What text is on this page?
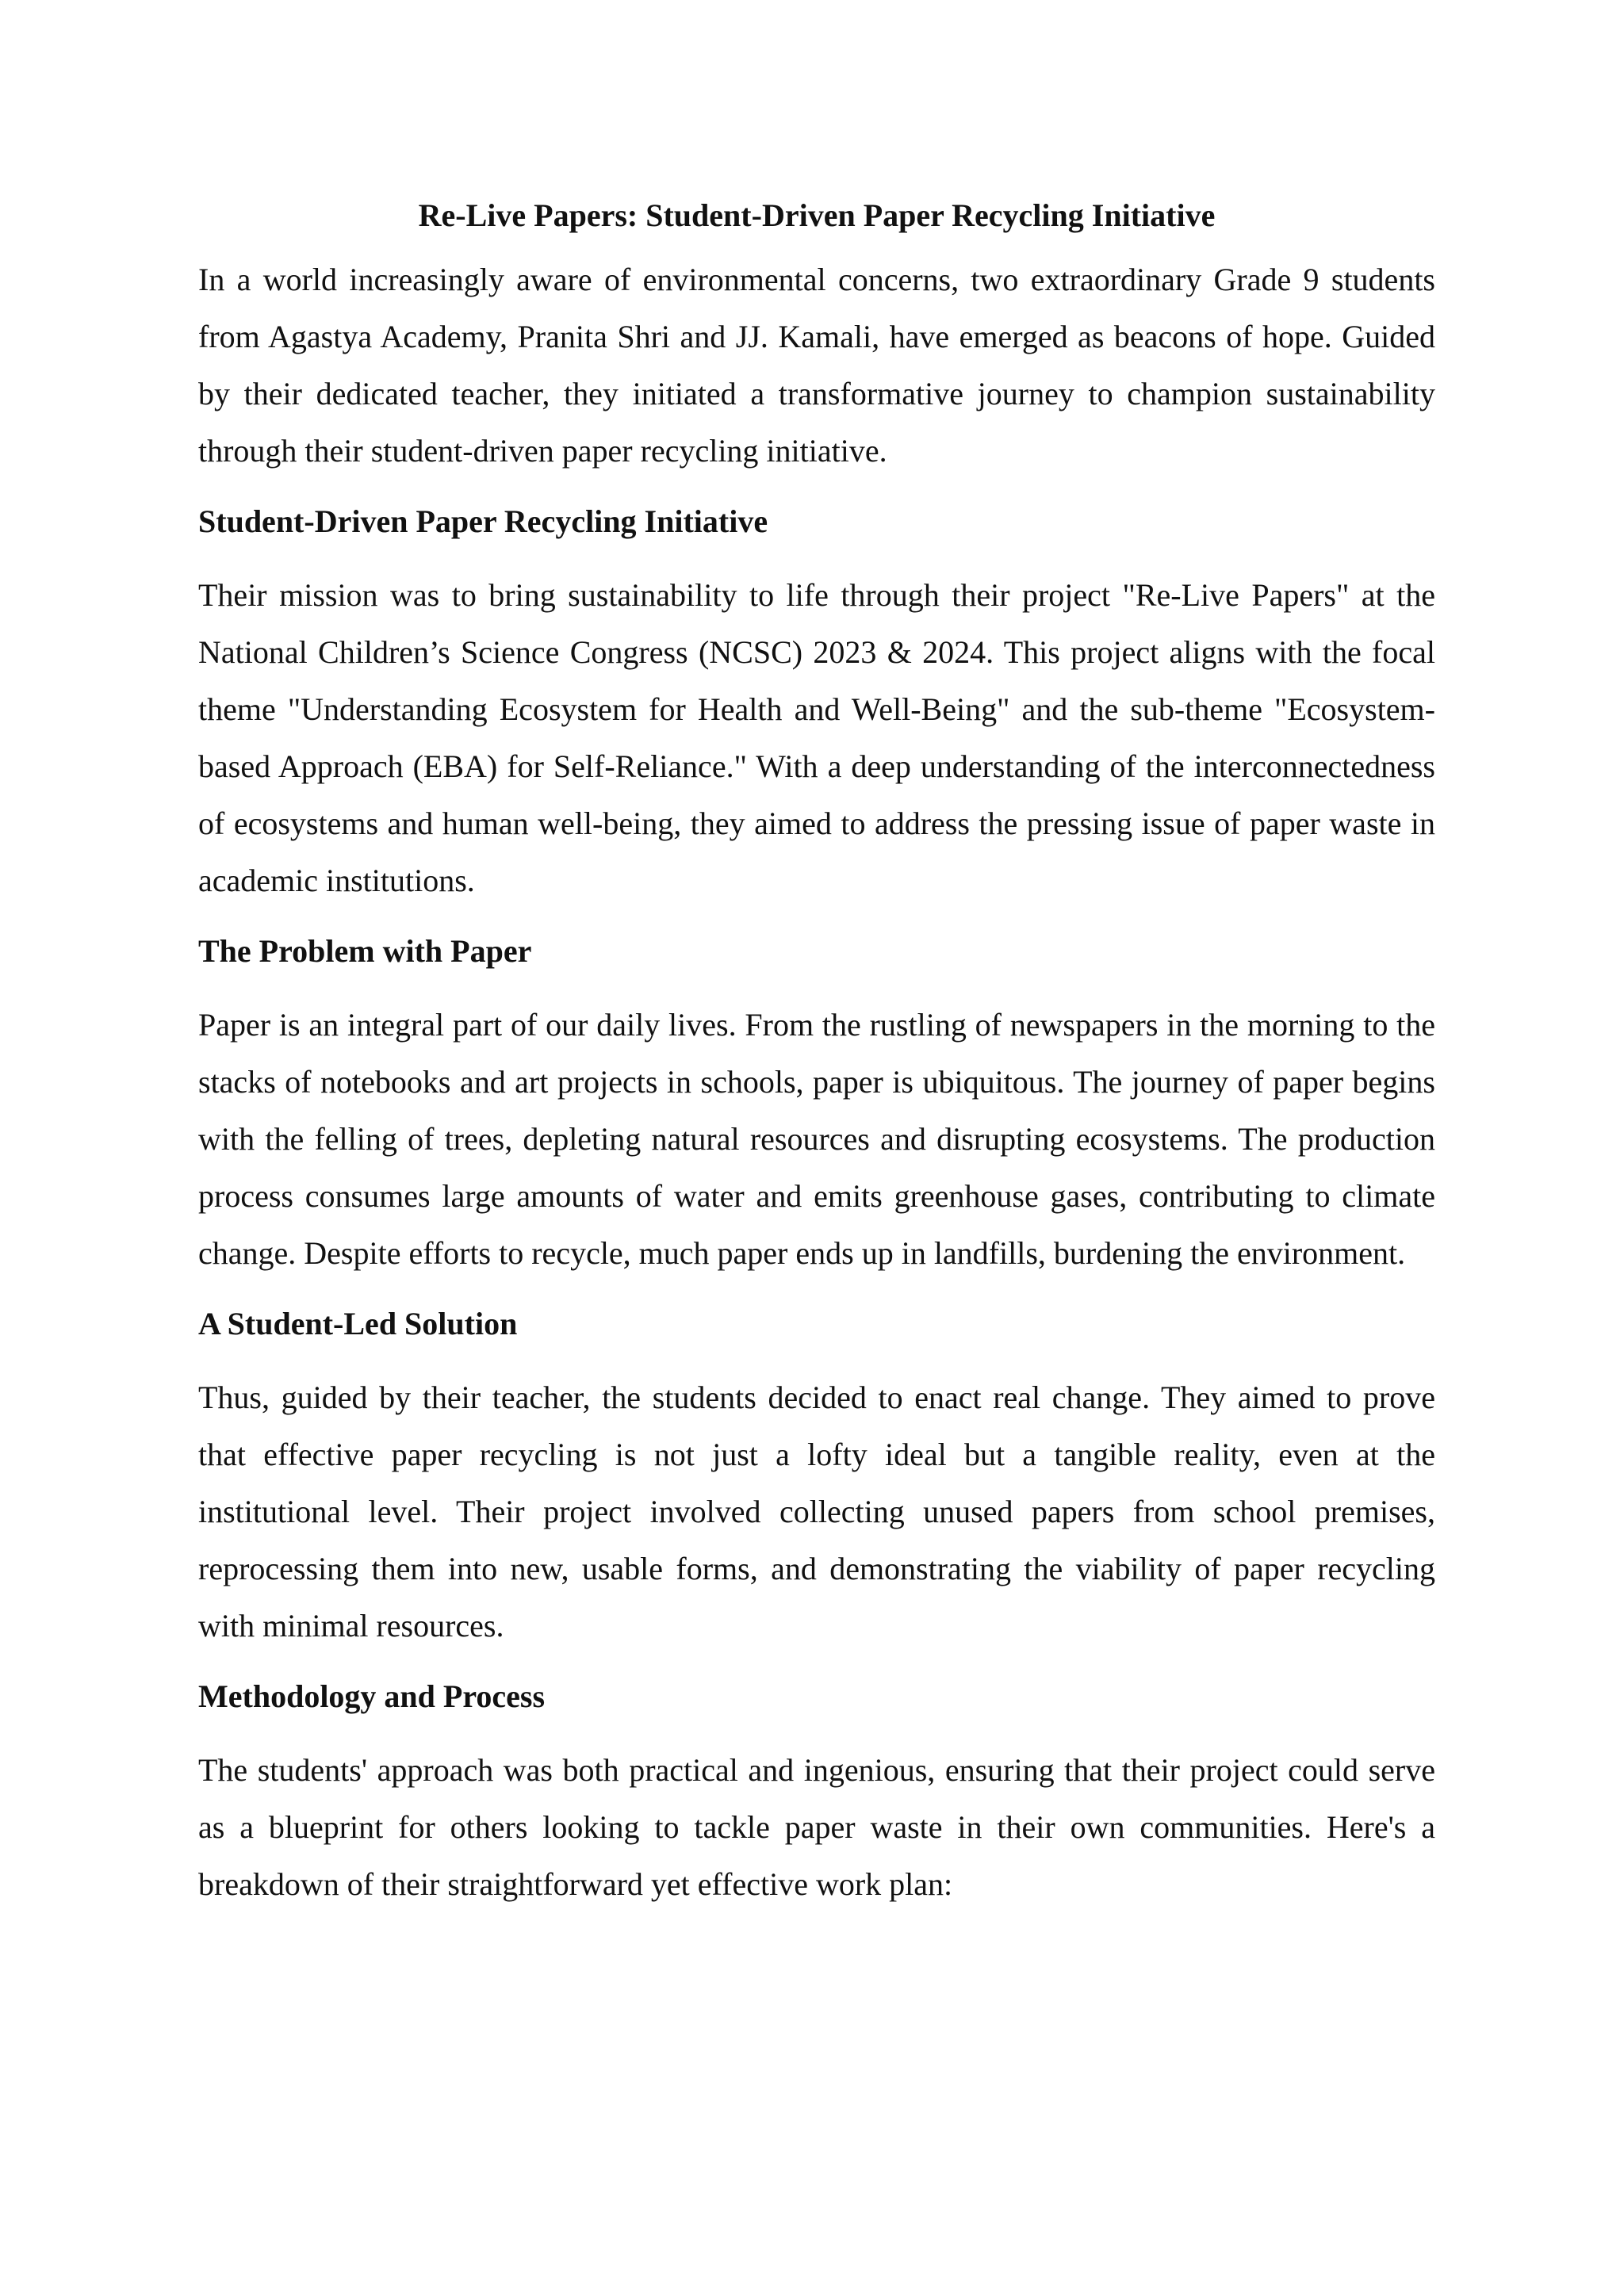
Re-Live Papers: Student-Driven Paper Recycling Initiative

In a world increasingly aware of environmental concerns, two extraordinary Grade 9 students from Agastya Academy, Pranita Shri and JJ. Kamali, have emerged as beacons of hope. Guided by their dedicated teacher, they initiated a transformative journey to champion sustainability through their student-driven paper recycling initiative.

Student-Driven Paper Recycling Initiative

Their mission was to bring sustainability to life through their project "Re-Live Papers" at the National Children’s Science Congress (NCSC) 2023 & 2024. This project aligns with the focal theme "Understanding Ecosystem for Health and Well-Being" and the sub-theme "Ecosystem-based Approach (EBA) for Self-Reliance." With a deep understanding of the interconnectedness of ecosystems and human well-being, they aimed to address the pressing issue of paper waste in academic institutions.

The Problem with Paper

Paper is an integral part of our daily lives. From the rustling of newspapers in the morning to the stacks of notebooks and art projects in schools, paper is ubiquitous. The journey of paper begins with the felling of trees, depleting natural resources and disrupting ecosystems. The production process consumes large amounts of water and emits greenhouse gases, contributing to climate change. Despite efforts to recycle, much paper ends up in landfills, burdening the environment.

A Student-Led Solution

Thus, guided by their teacher, the students decided to enact real change. They aimed to prove that effective paper recycling is not just a lofty ideal but a tangible reality, even at the institutional level. Their project involved collecting unused papers from school premises, reprocessing them into new, usable forms, and demonstrating the viability of paper recycling with minimal resources.

Methodology and Process

The students' approach was both practical and ingenious, ensuring that their project could serve as a blueprint for others looking to tackle paper waste in their own communities. Here's a breakdown of their straightforward yet effective work plan:
